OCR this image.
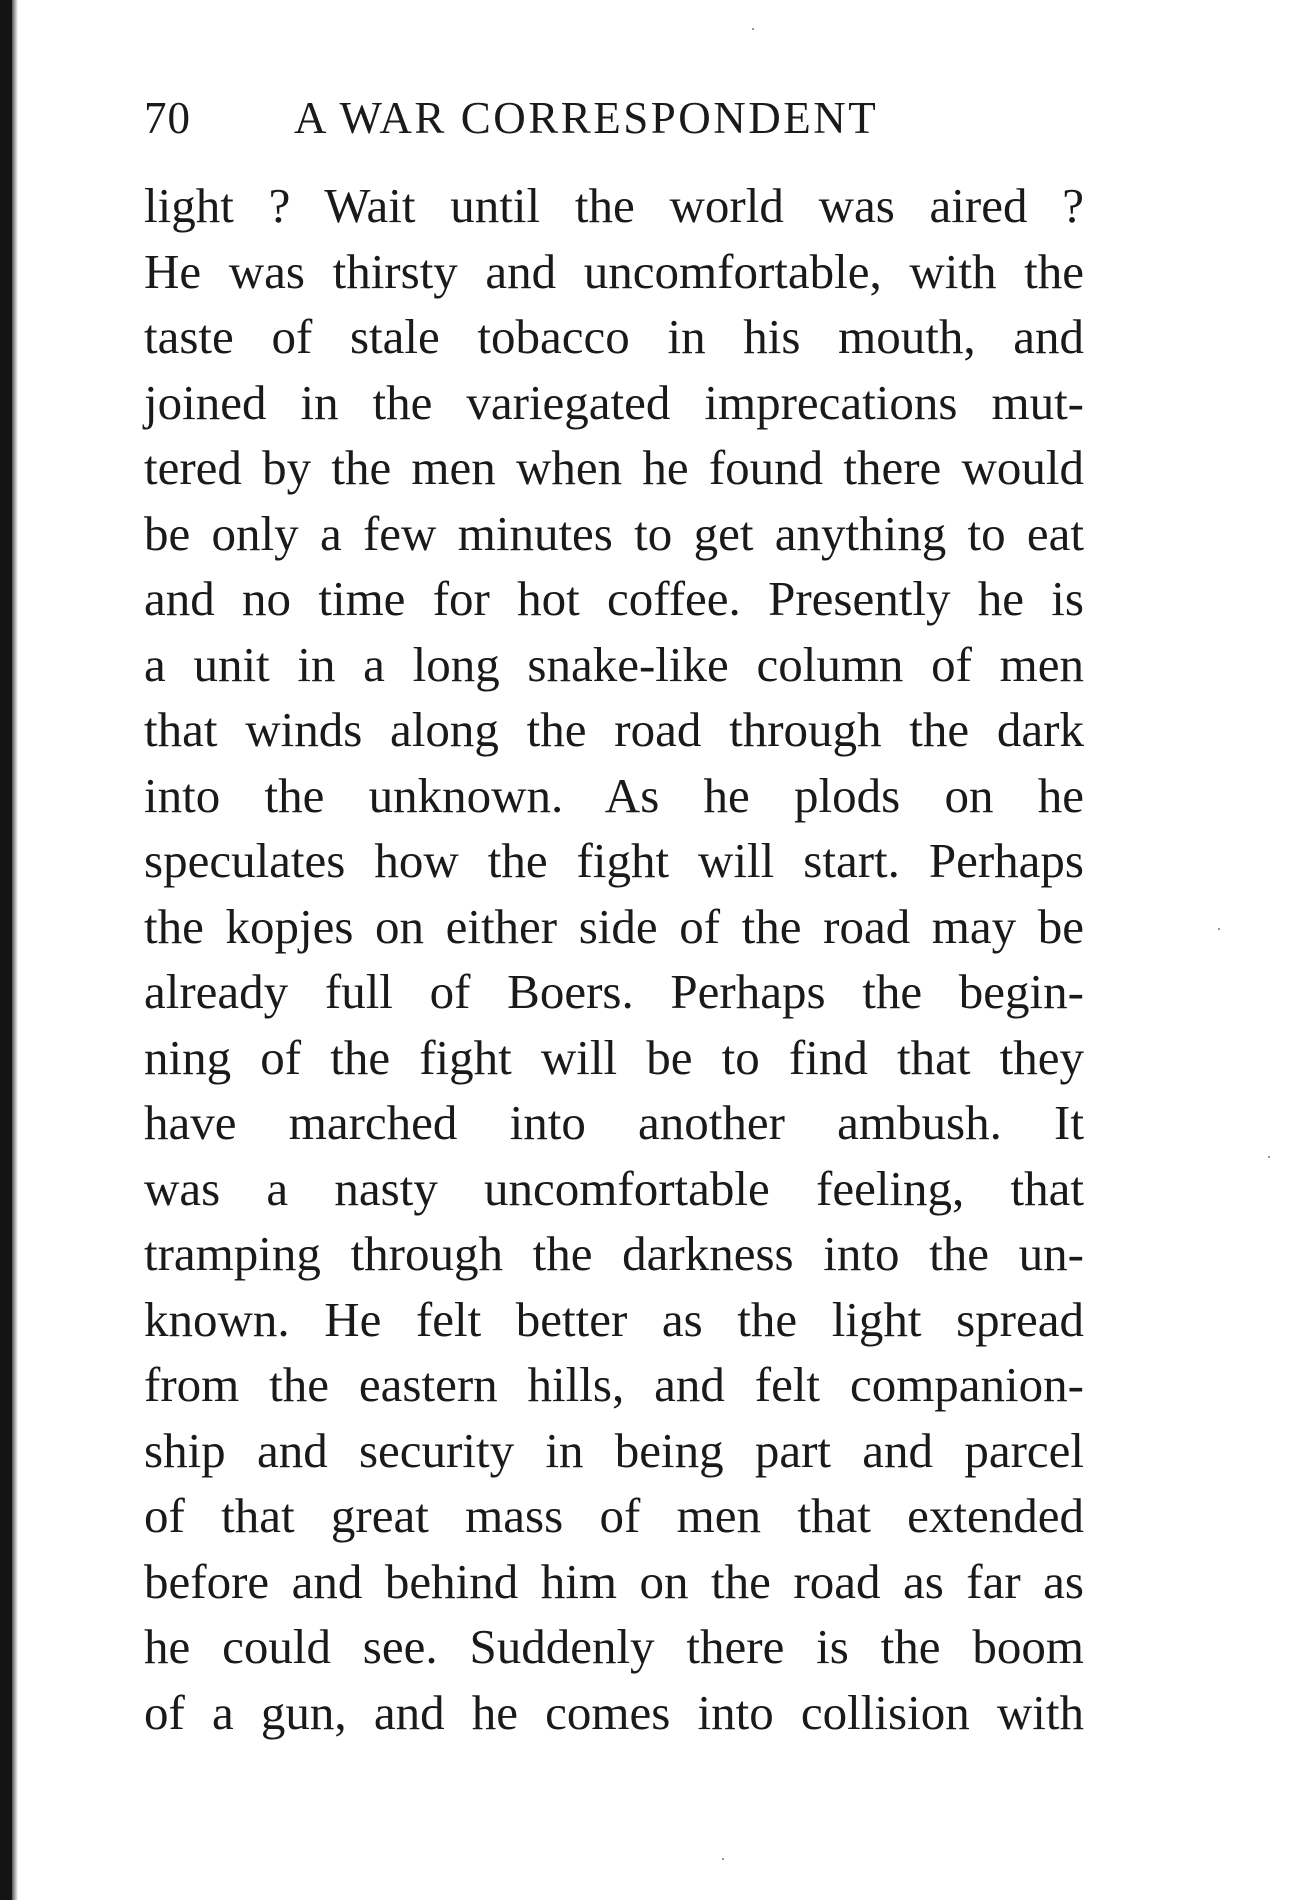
70 A WAR CORRESPONDENT
light ? Wait until the world was aired ?
He was thirsty and uncomfortable, with the
taste of stale tobacco in his mouth, and
joined in the variegated imprecations mut-
tered by the men when he found there would
be only a few minutes to get anything to eat
and no time for hot coffee. Presently he is
a unit in a long snake-like column of men
that winds along the road through the dark
into the unknown. As he plods on he
speculates how the fight will start. Perhaps
the kopjes on either side of the road may be
already full of Boers. Perhaps the begin-
ning of the fight will be to find that they
have marched into another ambush. It
was a nasty uncomfortable feeling, that
tramping through the darkness into the un-
known. He felt better as the light spread
from the eastern hills, and felt companion-
ship and security in being part and parcel
of that great mass of men that extended
before and behind him on the road as far as
he could see. Suddenly there is the boom
of a gun, and he comes into collision with
